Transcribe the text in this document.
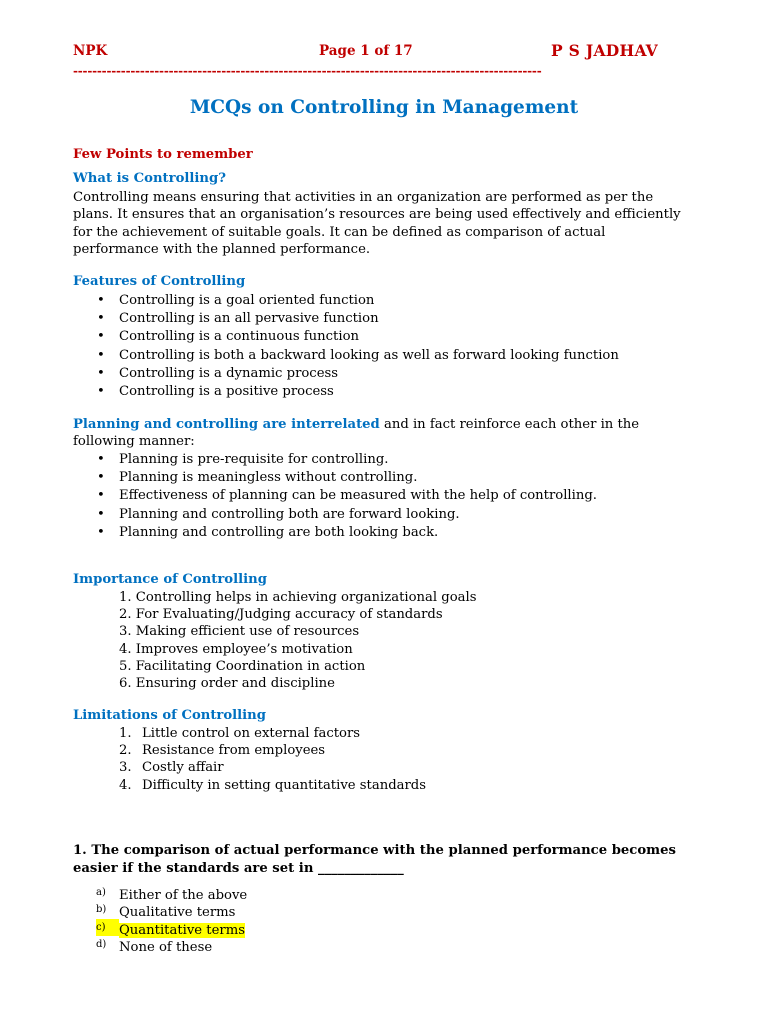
NPK	Page 1 of 17	P S JADHAV
--------------------------------------------------------------------------------------------------
MCQs on Controlling in Management
Few Points to remember
What is Controlling?
Controlling means ensuring that activities in an organization are performed as per the plans. It ensures that an organisation’s resources are being used effectively and efficiently for the achievement of suitable goals. It can be defined as comparison of actual performance with the planned performance.
Features of Controlling
• Controlling is a goal oriented function
• Controlling is an all pervasive function
• Controlling is a continuous function
• Controlling is both a backward looking as well as forward looking function
• Controlling is a dynamic process
• Controlling is a positive process
Planning and controlling are interrelated and in fact reinforce each other in the
following manner:
• Planning is pre-requisite for controlling.
• Planning is meaningless without controlling.
• Effectiveness of planning can be measured with the help of controlling.
• Planning and controlling both are forward looking.
• Planning and controlling are both looking back.
Importance of Controlling
1. Controlling helps in achieving organizational goals
2. For Evaluating/Judging accuracy of standards
3. Making efficient use of resources
4. Improves employee’s motivation
5. Facilitating Coordination in action
6. Ensuring order and discipline
Limitations of Controlling
1. Little control on external factors
2. Resistance from employees
3. Costly affair
4. Difficulty in setting quantitative standards
1. The comparison of actual performance with the planned performance becomes easier if the standards are set in _____________
a) Either of the above
b) Qualitative terms
c) Quantitative terms
d) None of these
